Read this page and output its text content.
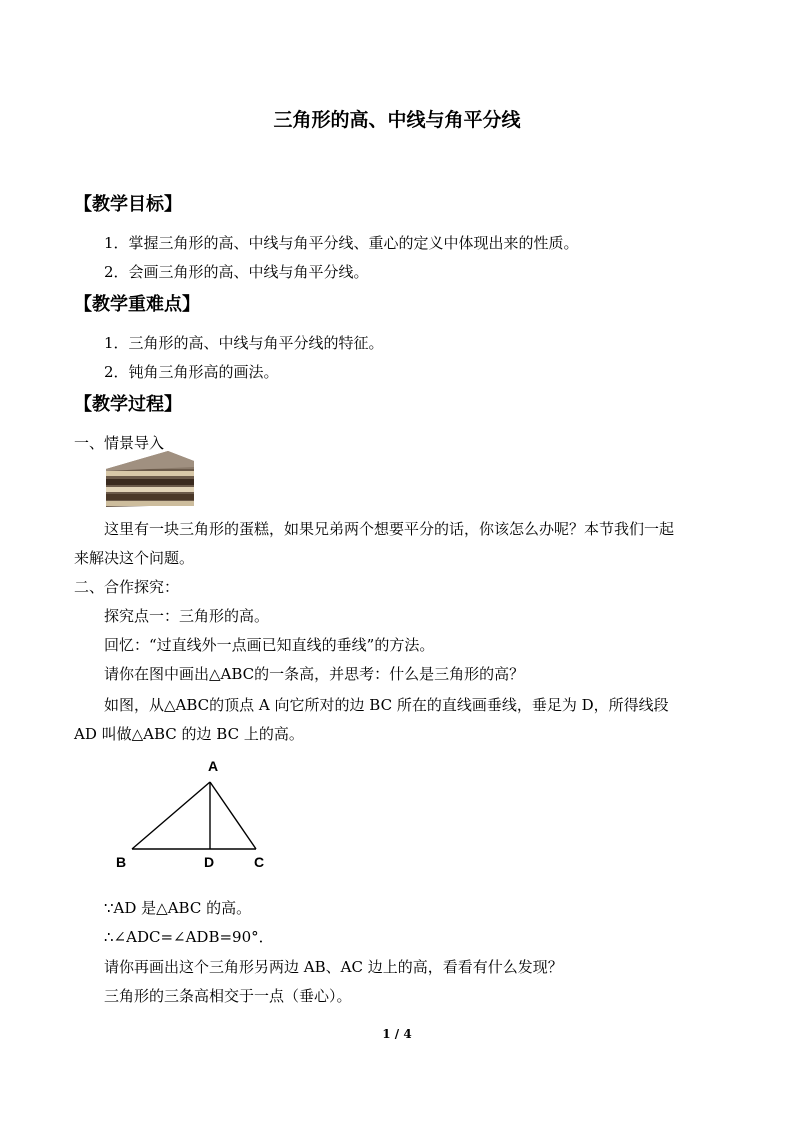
三角形的高、中线与角平分线
【教学目标】
1．掌握三角形的高、中线与角平分线、重心的定义中体现出来的性质。
2．会画三角形的高、中线与角平分线。
【教学重难点】
1．三角形的高、中线与角平分线的特征。
2．钝角三角形高的画法。
【教学过程】
一、情景导入
这里有一块三角形的蛋糕，如果兄弟两个想要平分的话，你该怎么办呢？本节我们一起
来解决这个问题。
二、合作探究：
探究点一：三角形的高。
回忆：“过直线外一点画已知直线的垂线”的方法。
请你在图中画出△ABC的一条高，并思考：什么是三角形的高？
如图，从△ABC的顶点 A 向它所对的边 BC 所在的直线画垂线，垂足为 D，所得线段
AD 叫做△ABC 的边 BC 上的高。
A
B	D	C
∵AD 是△ABC 的高。
∴∠ADC=∠ADB=90°．
请你再画出这个三角形另两边 AB、AC 边上的高，看看有什么发现？
三角形的三条高相交于一点（垂心）。
1 / 4
